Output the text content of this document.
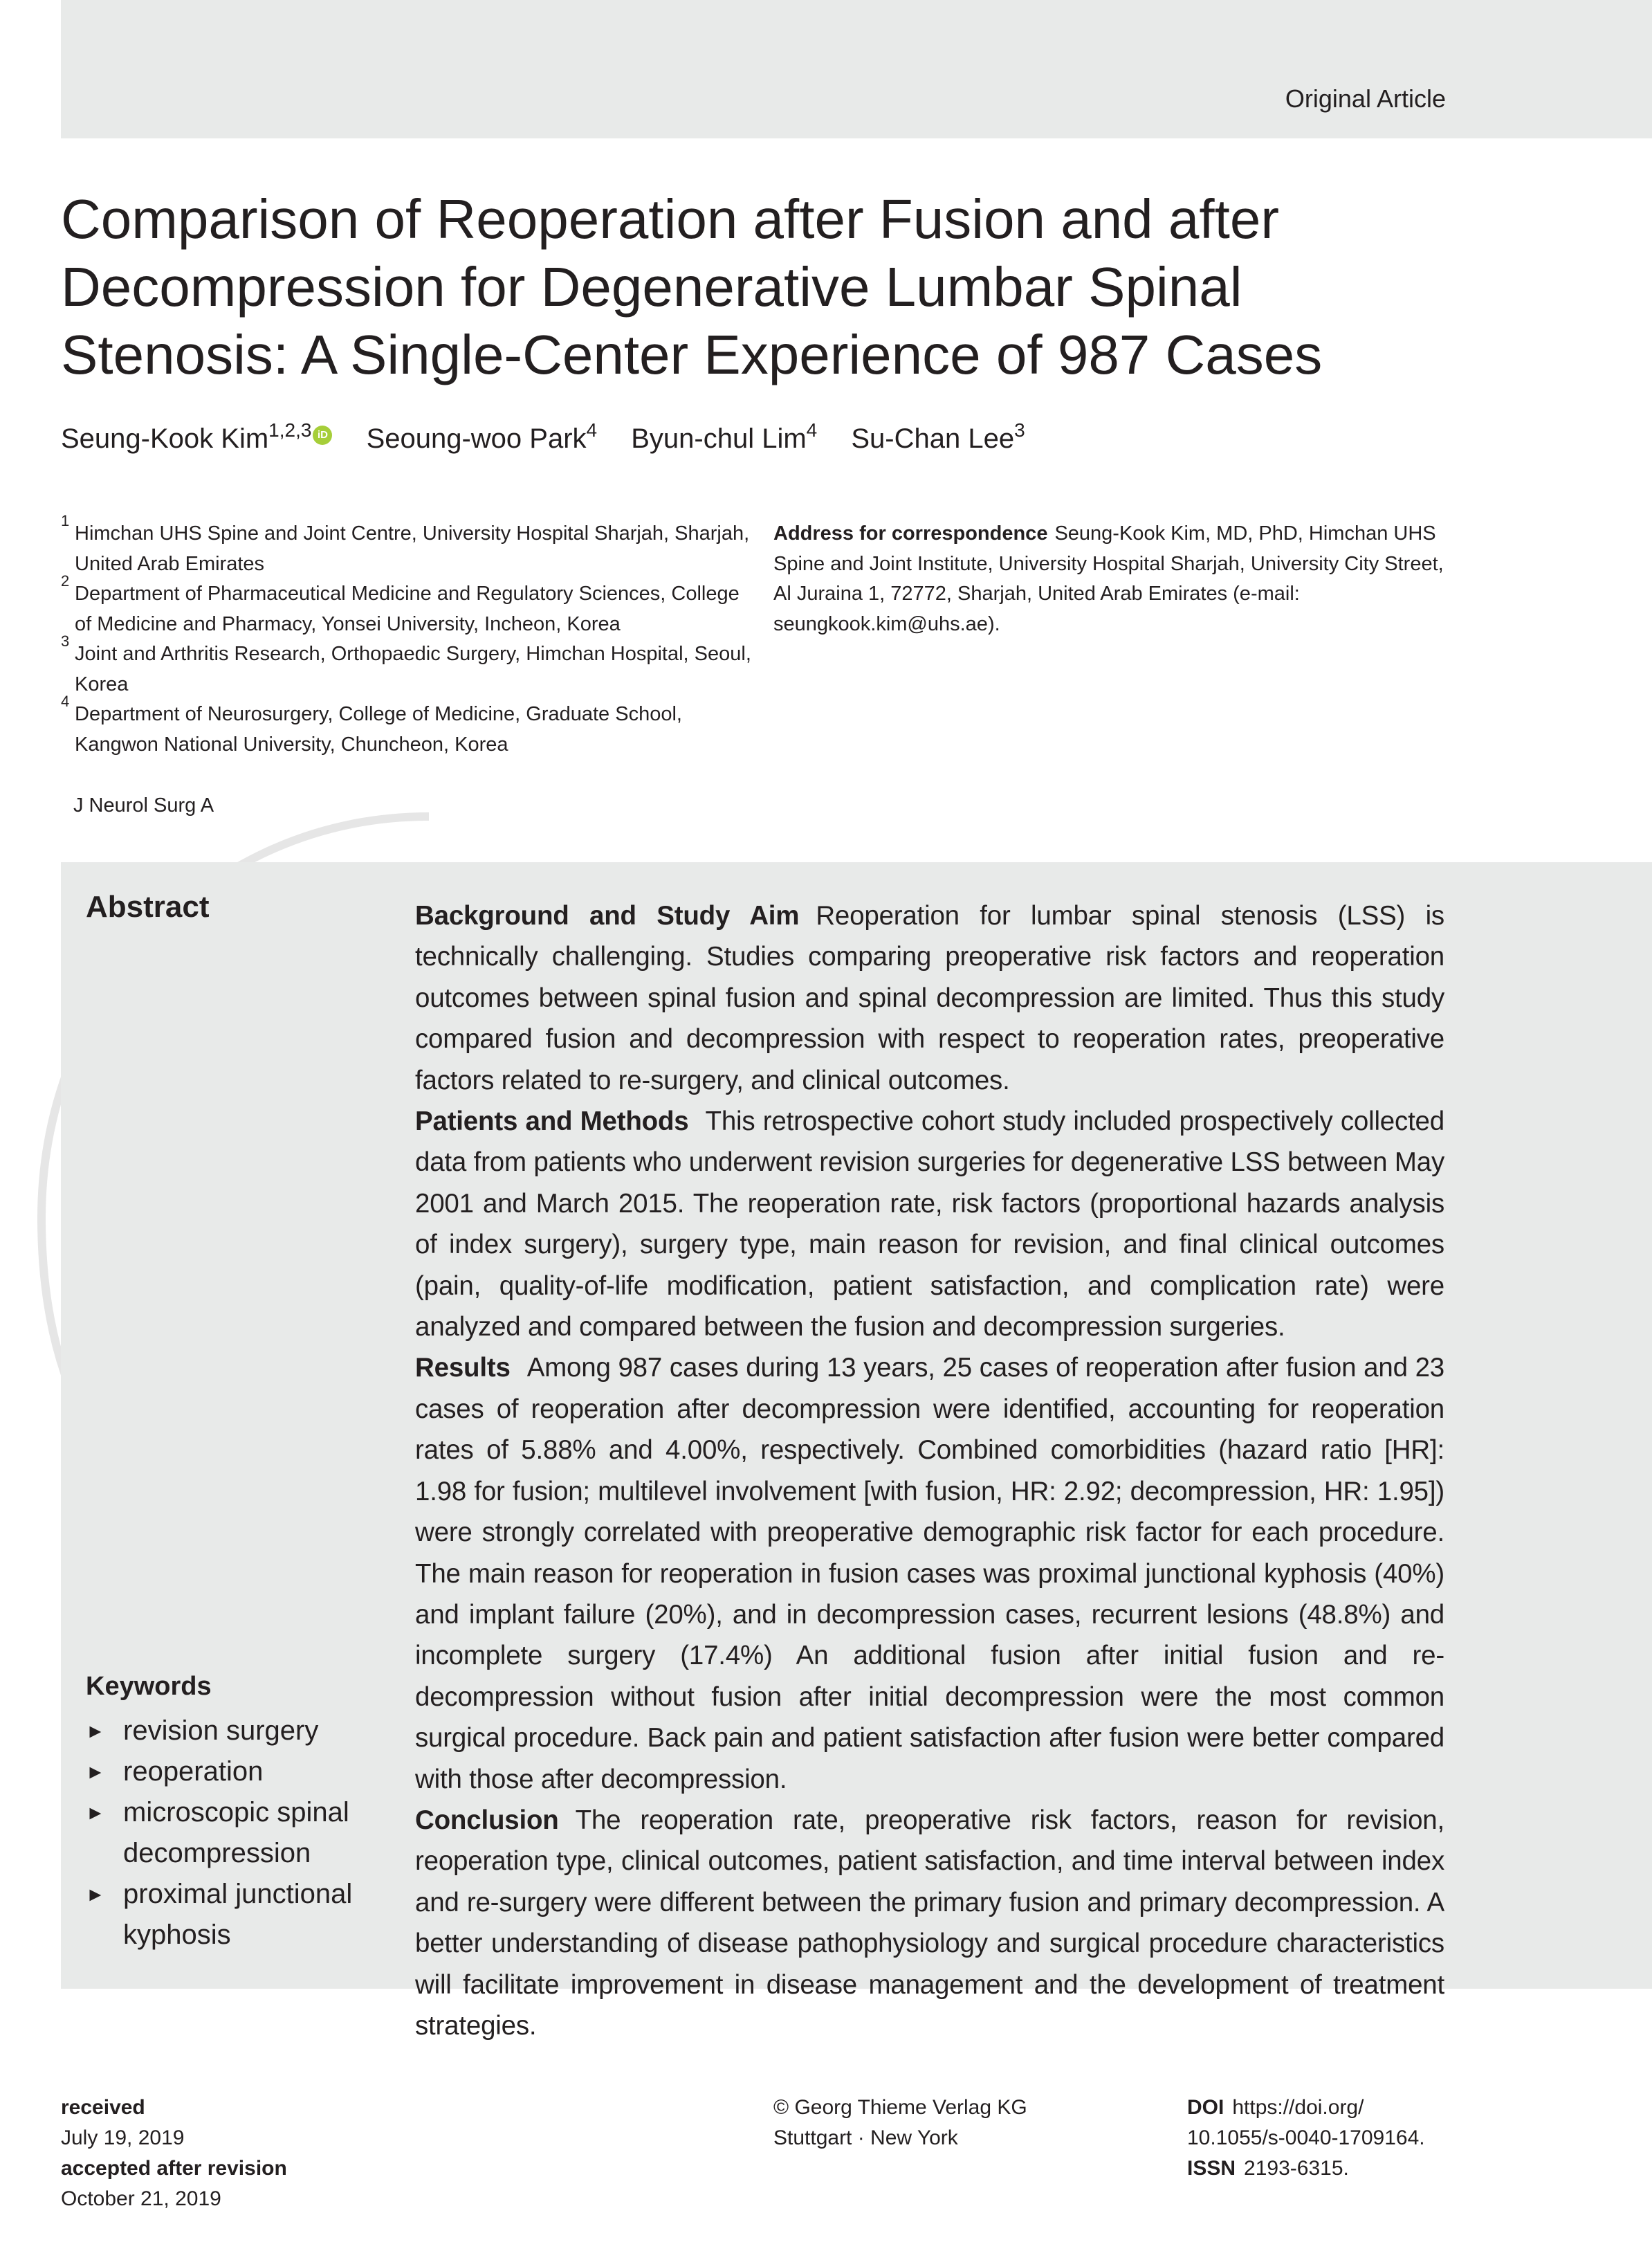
Original Article
Comparison of Reoperation after Fusion and after Decompression for Degenerative Lumbar Spinal Stenosis: A Single-Center Experience of 987 Cases
Seung-Kook Kim$^{1,2,3}$ iD Seoung-woo Park$^4$ Byun-chul Lim$^4$ Su-Chan Lee$^3$
1
Himchan UHS Spine and Joint Centre, University Hospital Sharjah, Sharjah, United Arab Emirates
2
Department of Pharmaceutical Medicine and Regulatory Sciences, College of Medicine and Pharmacy, Yonsei University, Incheon, Korea
3
Joint and Arthritis Research, Orthopaedic Surgery, Himchan Hospital, Seoul, Korea
4
Department of Neurosurgery, College of Medicine, Graduate School, Kangwon National University, Chuncheon, Korea
Address for correspondence Seung-Kook Kim, MD, PhD, Himchan UHS Spine and Joint Institute, University Hospital Sharjah, University City Street, Al Juraina 1, 72772, Sharjah, United Arab Emirates (e-mail: seungkook.kim@uhs.ae).
J Neurol Surg A
Abstract	Background and Study Aim Reoperation for lumbar spinal stenosis (LSS) is technically challenging. Studies comparing preoperative risk factors and reoperation outcomes between spinal fusion and spinal decompression are limited. Thus this study compared fusion and decompression with respect to reoperation rates, preoperative factors related to re-surgery, and clinical outcomes.

Patients and Methods This retrospective cohort study included prospectively collected data from patients who underwent revision surgeries for degenerative LSS between May 2001 and March 2015. The reoperation rate, risk factors (proportional hazards analysis of index surgery), surgery type, main reason for revision, and final clinical outcomes (pain, quality-of-life modification, patient satisfaction, and complication rate) were analyzed and compared between the fusion and decompression surgeries.

Results Among 987 cases during 13 years, 25 cases of reoperation after fusion and 23 cases of reoperation after decompression were identified, accounting for reoperation rates of 5.88% and 4.00%, respectively. Combined comorbidities (hazard ratio [HR]: 1.98 for fusion; multilevel involvement [with fusion, HR: 2.92; decompression, HR: 1.95]) were strongly correlated with preoperative demographic risk factor for each procedure. The main reason for reoperation in fusion cases was proximal junctional kyphosis (40%) and implant failure (20%), and in decompression cases, recurrent lesions (48.8%) and incomplete surgery (17.4%) An additional fusion after initial fusion and re-decompression without fusion after initial decompression were the most common surgical procedure. Back pain and patient satisfaction after fusion were better compared with those after decompression.

Conclusion The reoperation rate, preoperative risk factors, reason for revision, reoperation type, clinical outcomes, patient satisfaction, and time interval between index and re-surgery were different between the primary fusion and primary decompression. A better understanding of disease pathophysiology and surgical procedure characteristics will facilitate improvement in disease management and the development of treatment strategies.

Keywords
► revision surgery
► reoperation
► microscopic spinal decompression
► proximal junctional kyphosis
received
July 19, 2019
accepted after revision
October 21, 2019
© Georg Thieme Verlag KG
Stuttgart · New York
DOI https://doi.org/
10.1055/s-0040-1709164.
ISSN 2193-6315.
